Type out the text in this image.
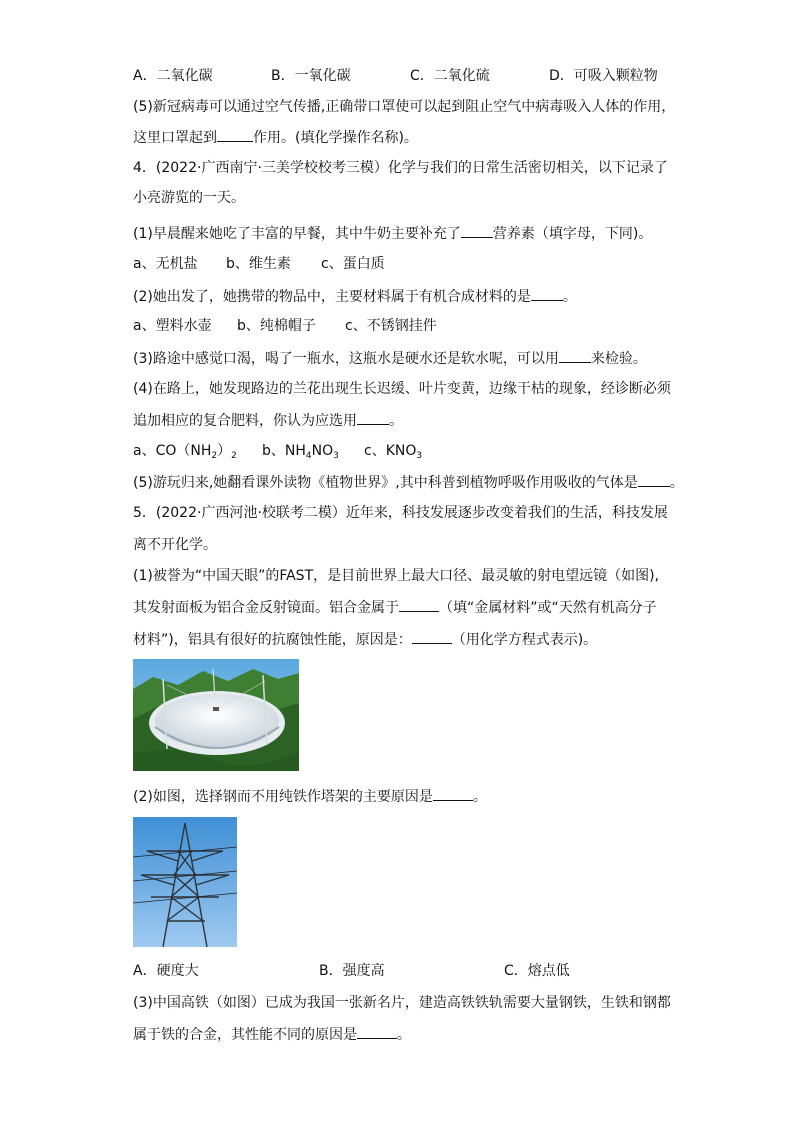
A．二氧化碳	B．一氧化碳	C．二氧化硫	D．可吸入颗粒物
(5)新冠病毒可以通过空气传播,正确带口罩使可以起到阻止空气中病毒吸入人体的作用，
这里口罩起到	作用。(填化学操作名称)。
4．(2022·广西南宁·三美学校校考三模）化学与我们的日常生活密切相关，以下记录了
小亮游览的一天。
(1)早晨醒来她吃了丰富的早餐，其中牛奶主要补充了 营养素（填字母，下同)。
a、无机盐 b、维生素 c、蛋白质
(2)她出发了，她携带的物品中，主要材料属于有机合成材料的是 。
a、塑料水壶 b、纯棉帽子 c、不锈钢挂件
(3)路途中感觉口渴，喝了一瓶水，这瓶水是硬水还是软水呢，可以用 来检验。
(4)在路上，她发现路边的兰花出现生长迟缓、叶片变黄，边缘干枯的现象，经诊断必须
追加相应的复合肥料，你认为应选用 。
a、$CO(NH_2)_2$ b、$NH_4NO_3$ c、$KNO_3$
(5)游玩归来,她翻看课外读物《植物世界》,其中科普到植物呼吸作用吸收的气体是 。
5．(2022·广西河池·校联考二模）近年来，科技发展逐步改变着我们的生活，科技发展
离不开化学。
(1)被誉为“中国天眼”的FAST，是目前世界上最大口径、最灵敏的射电望远镜（如图),
其发射面板为铝合金反射镜面。铝合金属于	（填“金属材料”或“天然有机高分子
材料”)，铝具有很好的抗腐蚀性能，原因是：	（用化学方程式表示)。
(2)如图，选择钢而不用纯铁作塔架的主要原因是	。
A．硬度大	B．强度高	C．熔点低
(3)中国高铁（如图）已成为我国一张新名片，建造高铁铁轨需要大量钢铁，生铁和钢都
属于铁的合金，其性能不同的原因是	。
